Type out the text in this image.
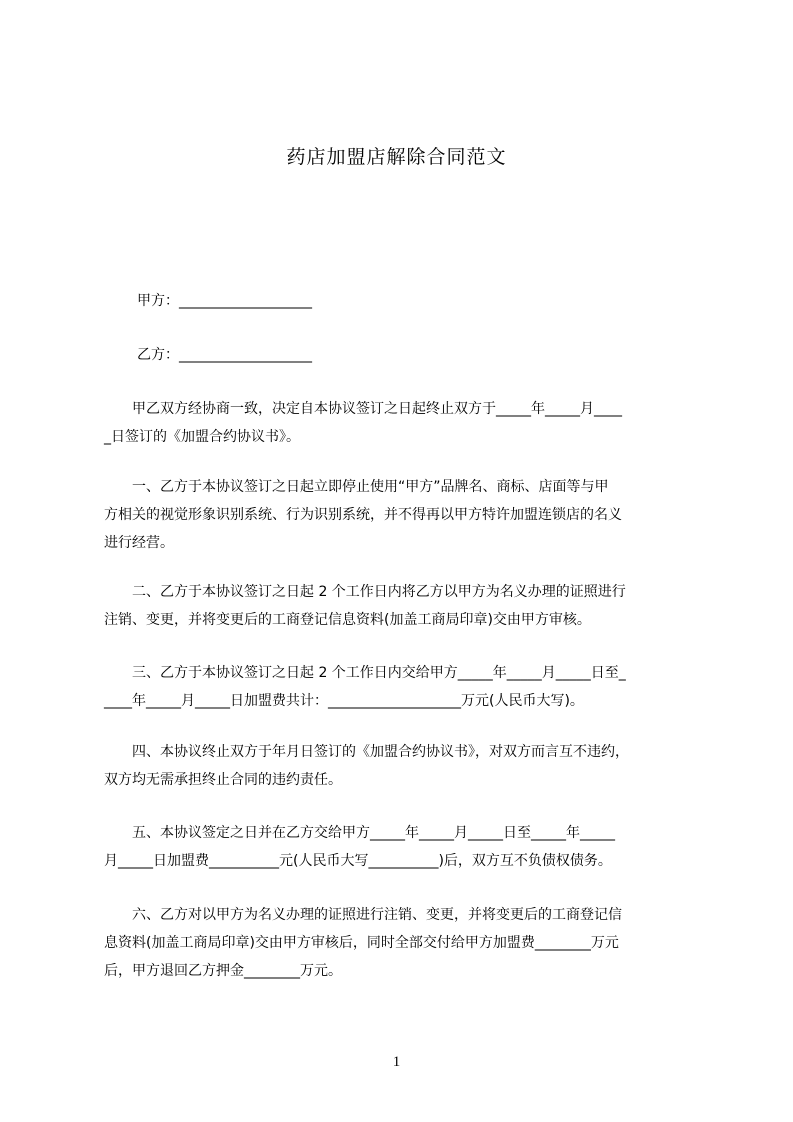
药店加盟店解除合同范文

甲方：___________________

乙方：___________________

　　甲乙双方经协商一致，决定自本协议签订之日起终止双方于_____年_____月____

_日签订的《加盟合约协议书》。

　　一、乙方于本协议签订之日起立即停止使用“甲方”品牌名、商标、店面等与甲

方相关的视觉形象识别系统、行为识别系统，并不得再以甲方特许加盟连锁店的名义

进行经营。

　　二、乙方于本协议签订之日起 2 个工作日内将乙方以甲方为名义办理的证照进行

注销、变更，并将变更后的工商登记信息资料(加盖工商局印章)交由甲方审核。

　　三、乙方于本协议签订之日起 2 个工作日内交给甲方_____年_____月_____日至_

____年_____月_____日加盟费共计：___________________万元(人民币大写)。

　　四、本协议终止双方于年月日签订的《加盟合约协议书》，对双方而言互不违约，

双方均无需承担终止合同的违约责任。

　　五、本协议签定之日并在乙方交给甲方_____年_____月_____日至_____年_____

月_____日加盟费__________元(人民币大写__________)后，双方互不负债权债务。

　　六、乙方对以甲方为名义办理的证照进行注销、变更，并将变更后的工商登记信

息资料(加盖工商局印章)交由甲方审核后，同时全部交付给甲方加盟费________万元

后，甲方退回乙方押金________万元。

1
